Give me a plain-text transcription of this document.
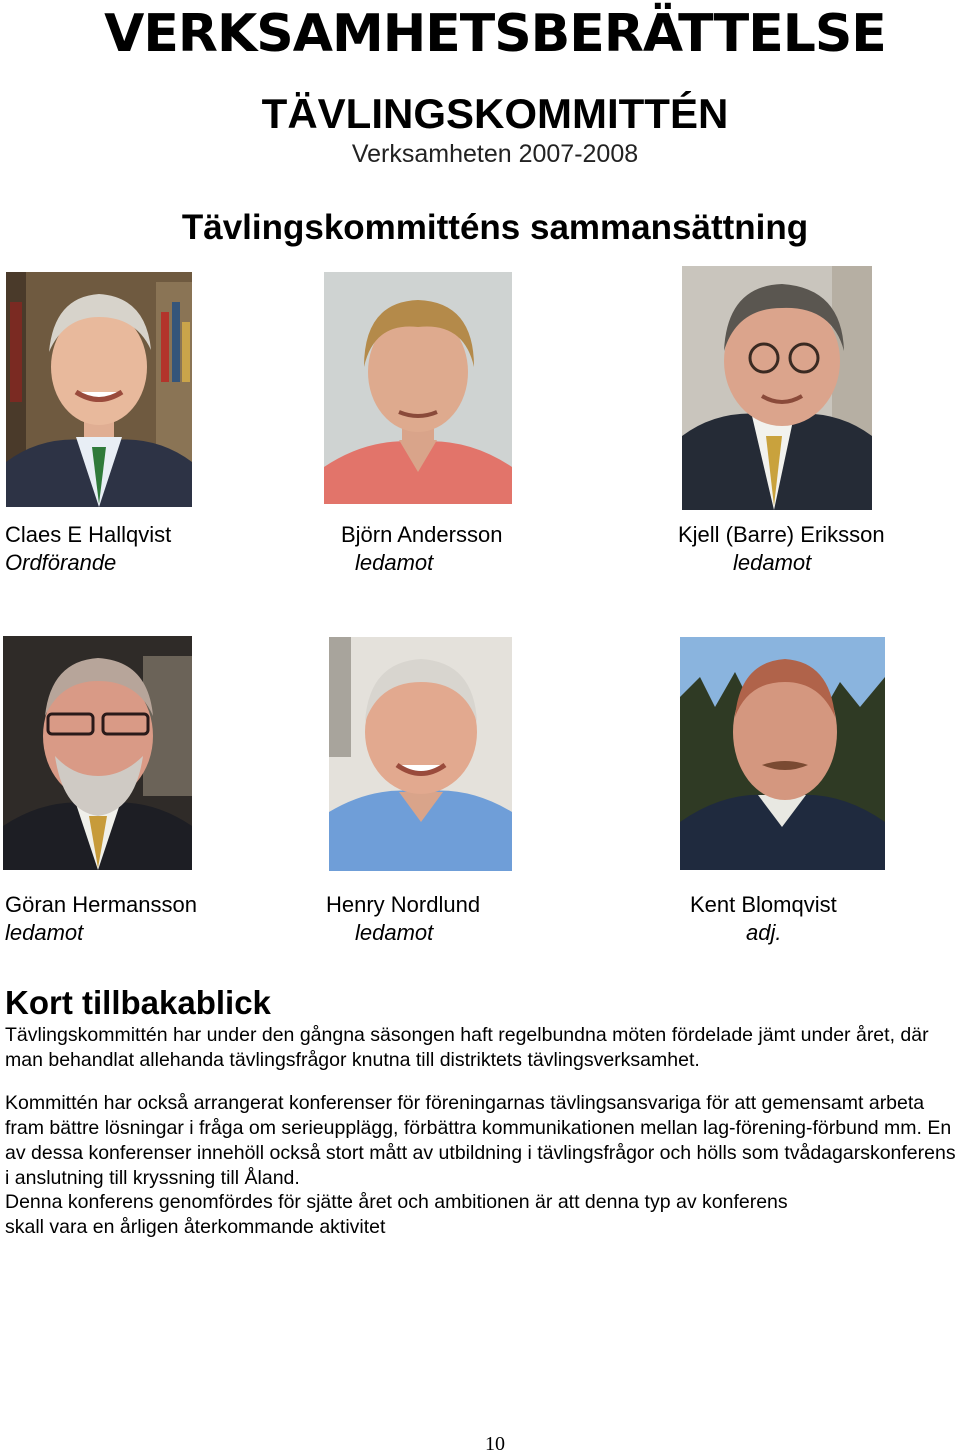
VERKSAMHETSBERÄTTELSE
TÄVLINGSKOMMITTÉN
Verksamheten 2007-2008
Tävlingskommitténs sammansättning
Claes E Hallqvist
Ordförande
Björn Andersson
ledamot
Kjell (Barre) Eriksson
ledamot
Göran Hermansson
ledamot
Henry Nordlund
ledamot
Kent Blomqvist
adj.
Kort tillbakablick
Tävlingskommittén har under den gångna säsongen haft regelbundna möten fördelade jämt under året, där man behandlat allehanda tävlingsfrågor knutna till distriktets tävlingsverksamhet.
Kommittén har också arrangerat konferenser för föreningarnas tävlingsansvariga för att gemensamt arbeta fram bättre lösningar i fråga om serieupplägg, förbättra kommunikationen mellan lag-förening-förbund mm. En av dessa konferenser innehöll också stort mått av utbildning i tävlingsfrågor och hölls som tvådagarskonferens i anslutning till kryssning till Åland.
Denna konferens genomfördes för sjätte året och ambitionen är att denna typ av konferens skall vara en årligen återkommande aktivitet
10
